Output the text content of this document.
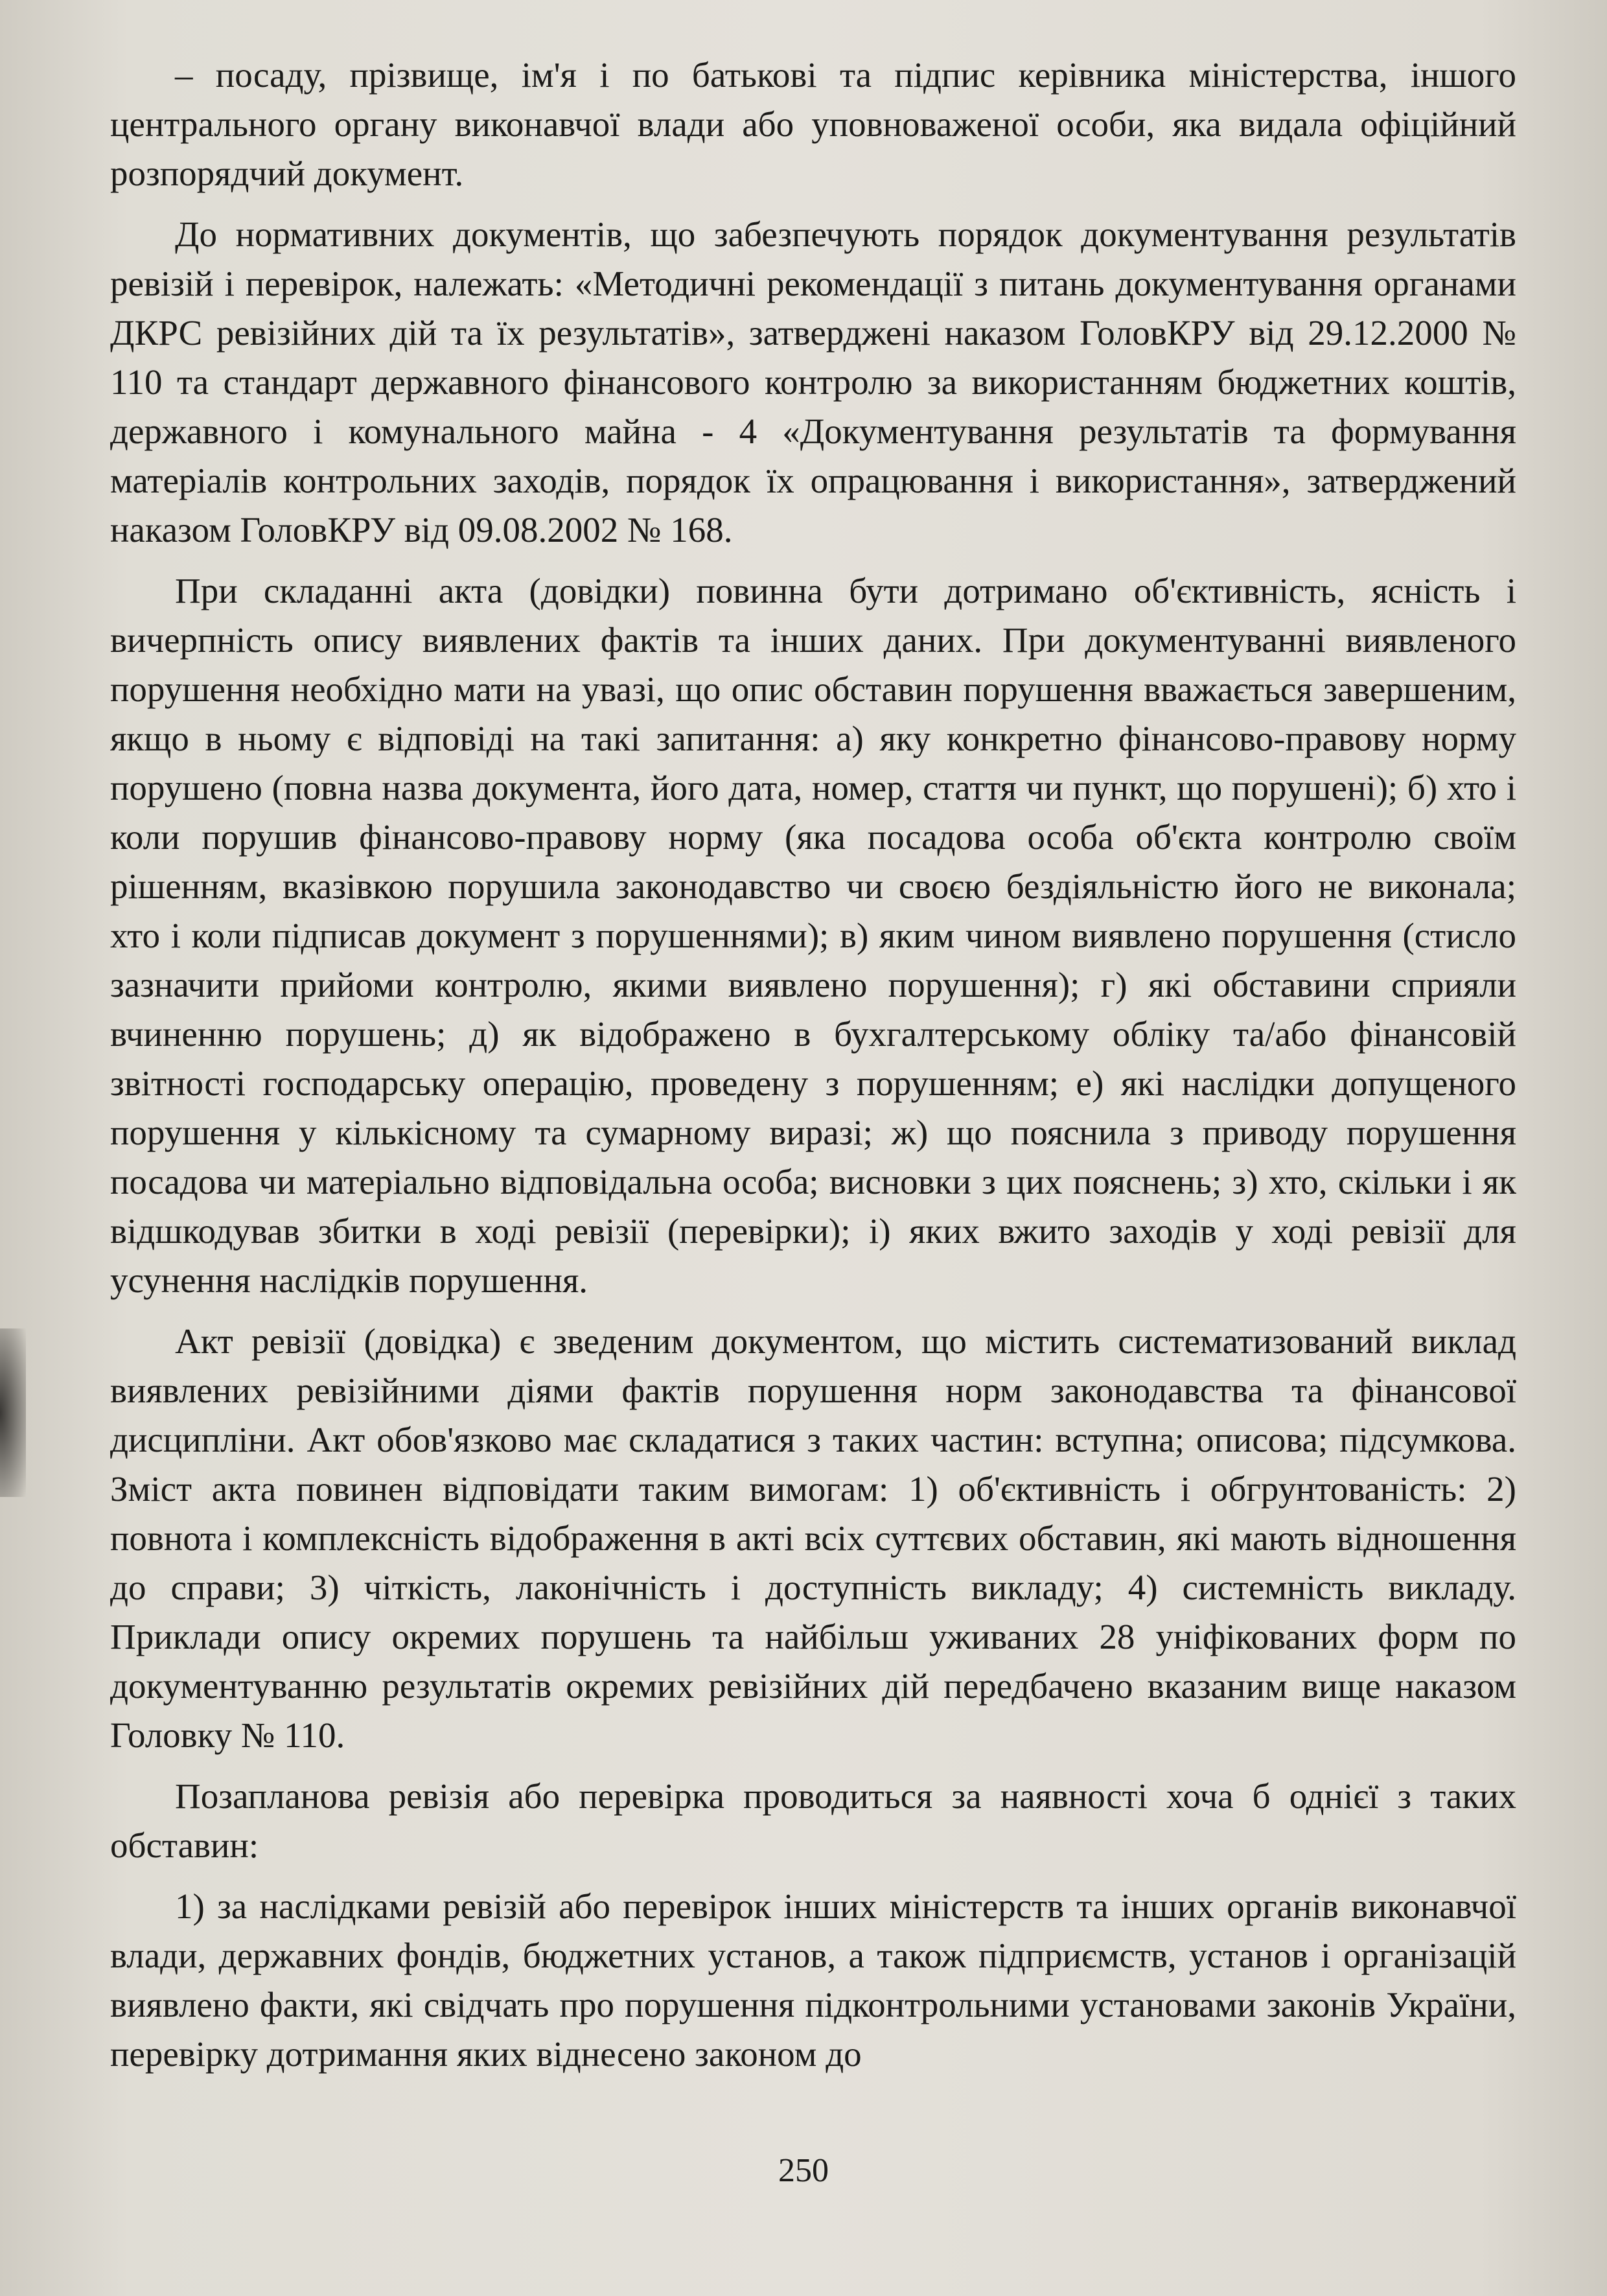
– посаду, прізвище, ім'я і по батькові та підпис керівника міністерства, іншого центрального органу виконавчої влади або уповноваженої особи, яка видала офіційний розпорядчий документ.

До нормативних документів, що забезпечують порядок документування результатів ревізій і перевірок, належать: «Методичні рекомендації з питань документування органами ДКРС ревізійних дій та їх результатів», затверджені наказом ГоловКРУ від 29.12.2000 № 110 та стандарт державного фінансового контролю за використанням бюджетних коштів, державного і комунального майна - 4 «Документування результатів та формування матеріалів контрольних заходів, порядок їх опрацювання і використання», затверджений наказом ГоловКРУ від 09.08.2002 № 168.

При складанні акта (довідки) повинна бути дотримано об'єктивність, ясність і вичерпність опису виявлених фактів та інших даних. При документуванні виявленого порушення необхідно мати на увазі, що опис обставин порушення вважається завершеним, якщо в ньому є відповіді на такі запитання: а) яку конкретно фінансово-правову норму порушено (повна назва документа, його дата, номер, стаття чи пункт, що порушені); б) хто і коли порушив фінансово-правову норму (яка посадова особа об'єкта контролю своїм рішенням, вказівкою порушила законодавство чи своєю бездіяльністю його не виконала; хто і коли підписав документ з порушеннями); в) яким чином виявлено порушення (стисло зазначити прийоми контролю, якими виявлено порушення); г) які обставини сприяли вчиненню порушень; д) як відображено в бухгалтерському обліку та/або фінансовій звітності господарську операцію, проведену з порушенням; е) які наслідки допущеного порушення у кількісному та сумарному виразі; ж) що пояснила з приводу порушення посадова чи матеріально відповідальна особа; висновки з цих пояснень; з) хто, скільки і як відшкодував збитки в ході ревізії (перевірки); і) яких вжито заходів у ході ревізії для усунення наслідків порушення.

Акт ревізії (довідка) є зведеним документом, що містить систематизований виклад виявлених ревізійними діями фактів порушення норм законодавства та фінансової дисципліни. Акт обов'язково має складатися з таких частин: вступна; описова; підсумкова. Зміст акта повинен відповідати таким вимогам: 1) об'єктивність і обгрунтованість: 2) повнота і комплексність відображення в акті всіх суттєвих обставин, які мають відношення до справи; 3) чіткість, лаконічність і доступність викладу; 4) системність викладу. Приклади опису окремих порушень та найбільш уживаних 28 уніфікованих форм по документуванню результатів окремих ревізійних дій передбачено вказаним вище наказом Головку № 110.

Позапланова ревізія або перевірка проводиться за наявності хоча б однієї з таких обставин:

1) за наслідками ревізій або перевірок інших міністерств та інших органів виконавчої влади, державних фондів, бюджетних установ, а також підприємств, установ і організацій виявлено факти, які свідчать про порушення підконтрольними установами законів України, перевірку дотримання яких віднесено законом до

250
